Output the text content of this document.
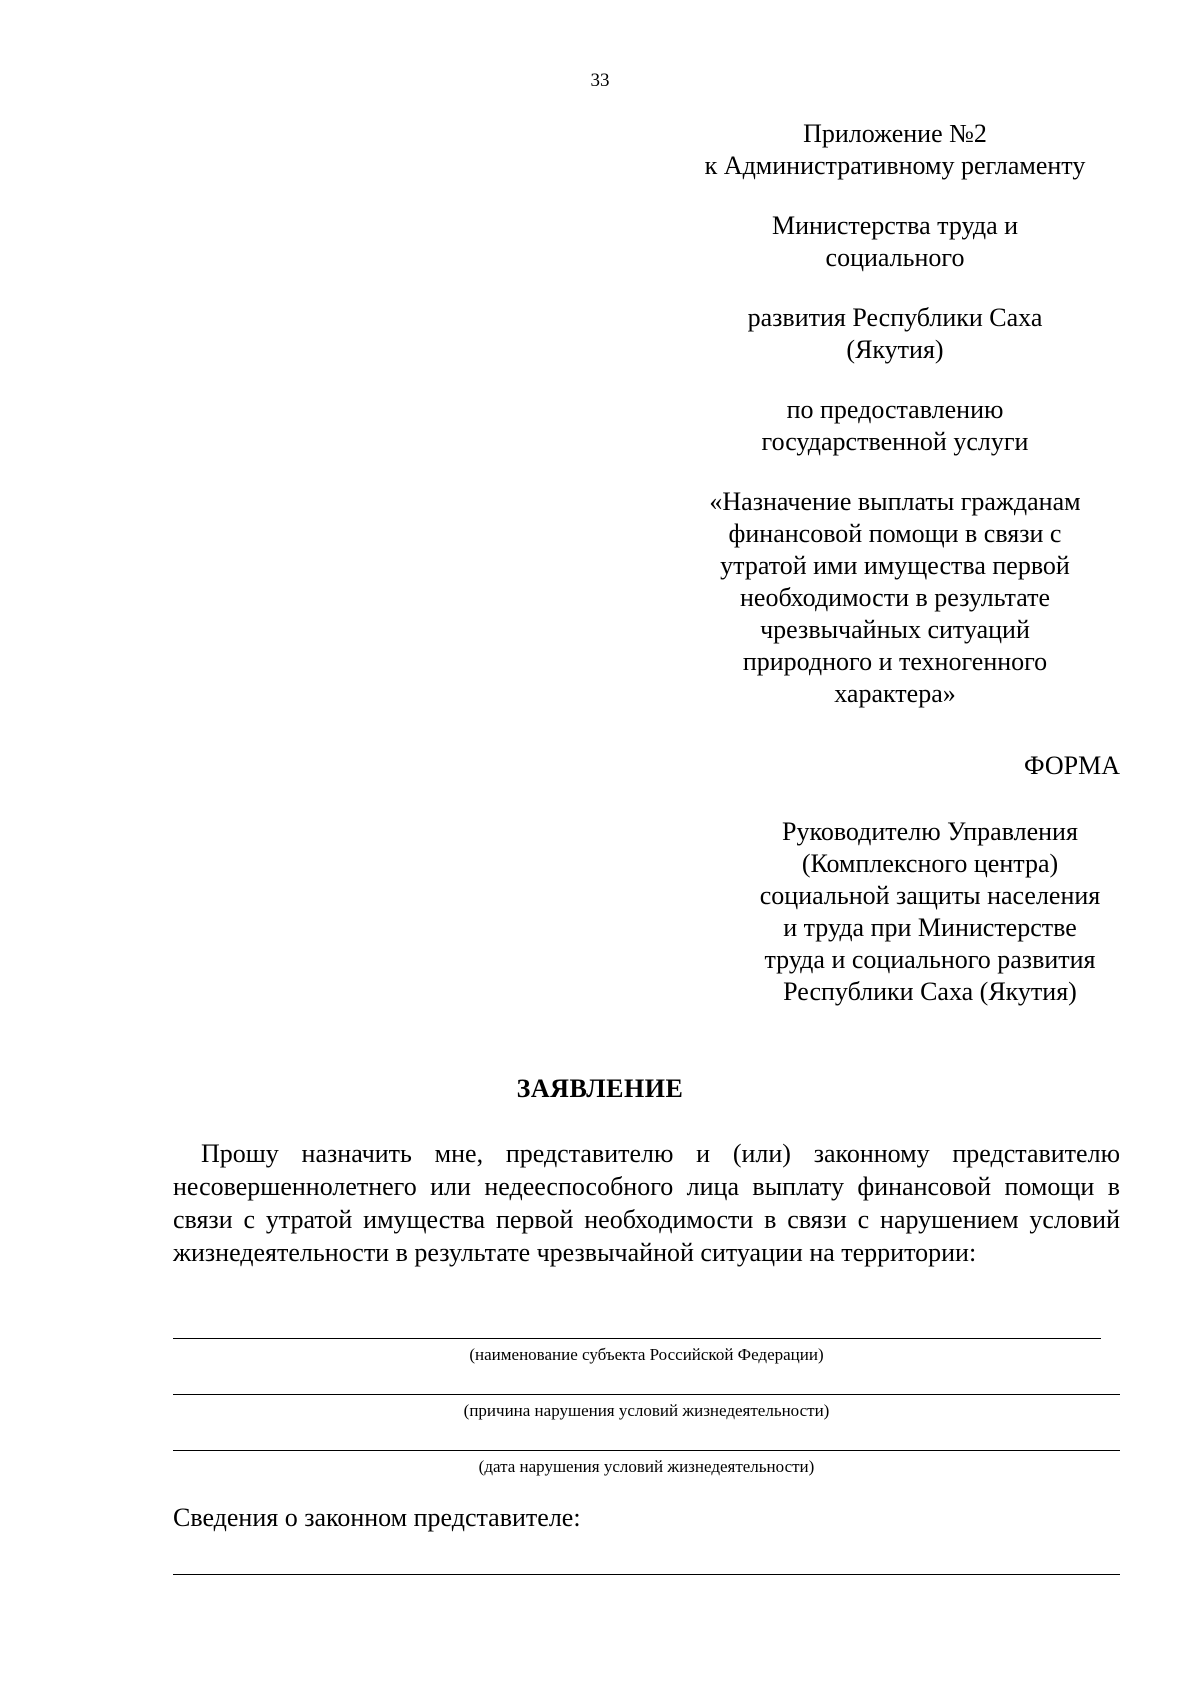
33
Приложение №2
к Административному регламенту
Министерства труда и
социального
развития Республики Саха
(Якутия)
по предоставлению
государственной услуги
«Назначение выплаты гражданам
финансовой помощи в связи с
утратой ими имущества первой
необходимости в результате
чрезвычайных ситуаций
природного и техногенного
характера»
ФОРМА
Руководителю Управления
(Комплексного центра)
социальной защиты населения
и труда при Министерстве
труда и социального развития
Республики Саха (Якутия)
ЗАЯВЛЕНИЕ
Прошу назначить мне, представителю и (или) законному представителю несовершеннолетнего или недееспособного лица выплату финансовой помощи в связи с утратой имущества первой необходимости в связи с нарушением условий жизнедеятельности в результате чрезвычайной ситуации на территории:
(наименование субъекта Российской Федерации)
(причина нарушения условий жизнедеятельности)
(дата нарушения условий жизнедеятельности)
Сведения о законном представителе:
